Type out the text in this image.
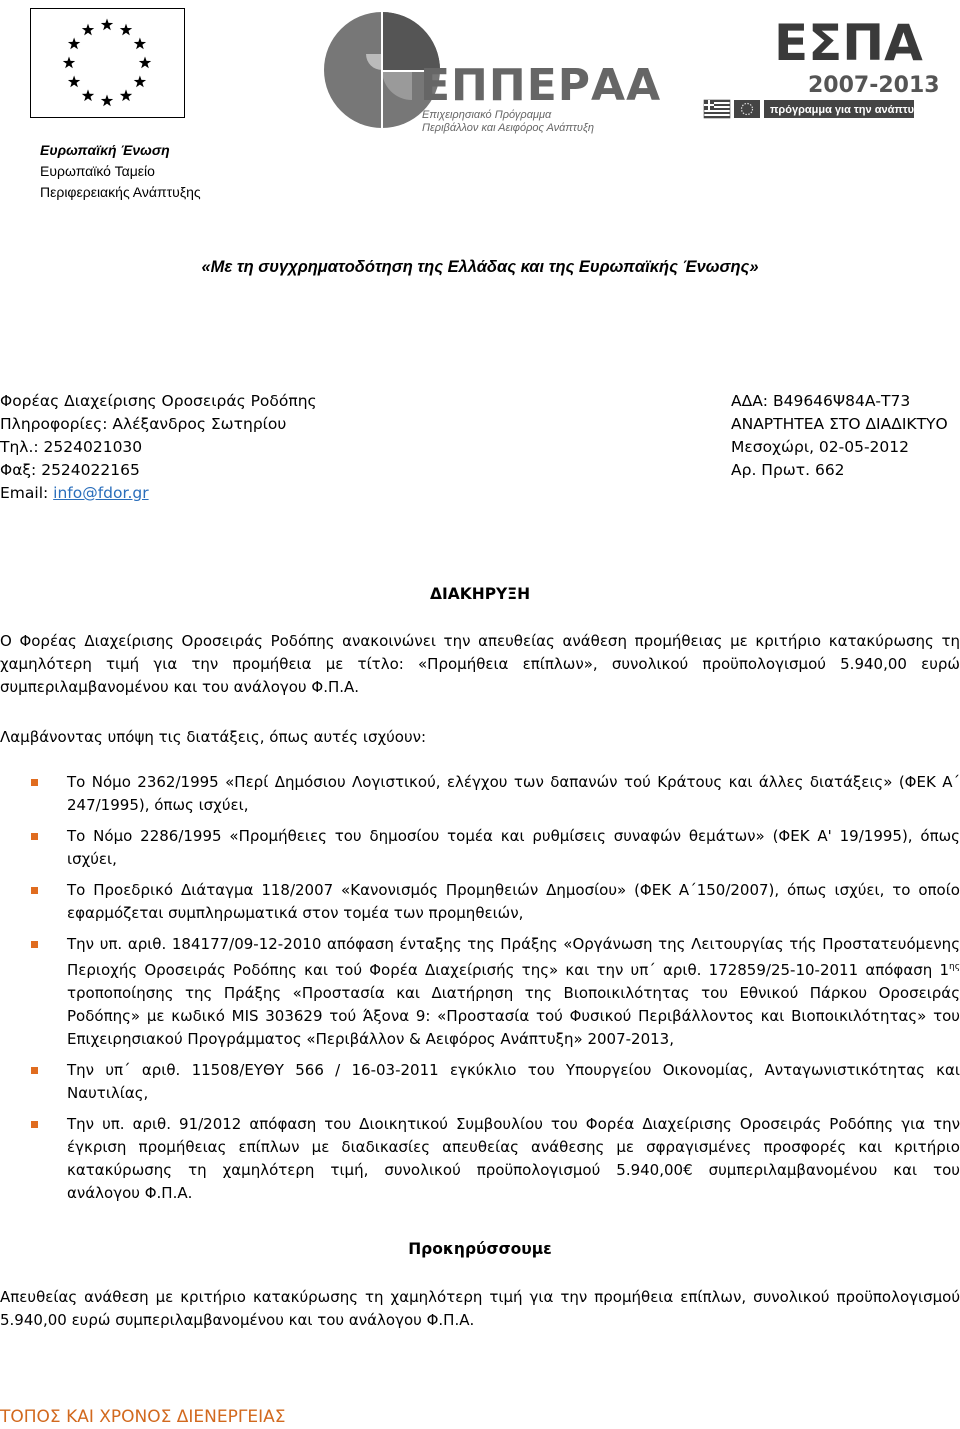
Ευρωπαϊκή Ένωση
Ευρωπαϊκό Ταμείο
Περιφερειακής Ανάπτυξης
ΕΠΠΕΡΑΑ
Επιχειρησιακό Πρόγραμμα
Περιβάλλον και Αειφόρος Ανάπτυξη
ΕΣΠΑ
2007-2013
πρόγραμμα για την ανάπτυξη
«Με τη συγχρηματοδότηση της Ελλάδας και της Ευρωπαϊκής Ένωσης»
Φορέας Διαχείρισης Οροσειράς Ροδόπης
Πληροφορίες: Αλέξανδρος Σωτηρίου
Τηλ.: 2524021030
Φαξ: 2524022165
Email: info@fdor.gr
ΑΔΑ: Β49646Ψ84Α-Τ73
ΑΝΑΡΤΗΤΕΑ ΣΤΟ ΔΙΑΔΙΚΤΥΟ
Μεσοχώρι, 02-05-2012
Αρ. Πρωτ. 662
ΔΙΑΚΗΡΥΞΗ
Ο Φορέας Διαχείρισης Οροσειράς Ροδόπης ανακοινώνει την απευθείας ανάθεση προμήθειας με κριτήριο κατακύρωσης τη
χαμηλότερη τιμή για την προμήθεια με τίτλο: «Προμήθεια επίπλων», συνολικού προϋπολογισμού 5.940,00 ευρώ
συμπεριλαμβανομένου και του ανάλογου Φ.Π.Α.
Λαμβάνοντας υπόψη τις διατάξεις, όπως αυτές ισχύουν:
Το Νόμο 2362/1995 «Περί Δημόσιου Λογιστικού, ελέγχου των δαπανών τού Κράτους και άλλες διατάξεις» (ΦΕΚ Α΄
247/1995), όπως ισχύει,
Το Νόμο 2286/1995 «Προμήθειες του δημοσίου τομέα και ρυθμίσεις συναφών θεμάτων» (ΦΕΚ Α' 19/1995), όπως
ισχύει,
Το Προεδρικό Διάταγμα 118/2007 «Κανονισμός Προμηθειών Δημοσίου» (ΦΕΚ Α΄150/2007), όπως ισχύει, το οποίο
εφαρμόζεται συμπληρωματικά στον τομέα των προμηθειών,
Την υπ. αριθ. 184177/09-12-2010 απόφαση ένταξης της Πράξης «Οργάνωση της Λειτουργίας τής Προστατευόμενης
Περιοχής Οροσειράς Ροδόπης και τού Φορέα Διαχείρισής της» και την υπ΄ αριθ. 172859/25-10-2011 απόφαση $1^{\eta\varsigma}$
τροποποίησης της Πράξης «Προστασία και Διατήρηση της Βιοποικιλότητας του Εθνικού Πάρκου Οροσειράς
Ροδόπης» με κωδικό MIS 303629 τού Άξονα 9: «Προστασία τού Φυσικού Περιβάλλοντος και Βιοποικιλότητας» του
Επιχειρησιακού Προγράμματος «Περιβάλλον & Αειφόρος Ανάπτυξη» 2007-2013,
Την υπ΄ αριθ. 11508/ΕΥΘΥ 566 / 16-03-2011 εγκύκλιο του Υπουργείου Οικονομίας, Ανταγωνιστικότητας και
Ναυτιλίας,
Την υπ. αριθ. 91/2012 απόφαση του Διοικητικού Συμβουλίου του Φορέα Διαχείρισης Οροσειράς Ροδόπης για την
έγκριση προμήθειας επίπλων με διαδικασίες απευθείας ανάθεσης με σφραγισμένες προσφορές και κριτήριο
κατακύρωσης τη χαμηλότερη τιμή, συνολικού προϋπολογισμού 5.940,00€ συμπεριλαμβανομένου και του
ανάλογου Φ.Π.Α.
Προκηρύσσουμε
Απευθείας ανάθεση με κριτήριο κατακύρωσης τη χαμηλότερη τιμή για την προμήθεια επίπλων, συνολικού προϋπολογισμού
5.940,00 ευρώ συμπεριλαμβανομένου και του ανάλογου Φ.Π.Α.
ΤΟΠΟΣ ΚΑΙ ΧΡΟΝΟΣ ΔΙΕΝΕΡΓΕΙΑΣ
